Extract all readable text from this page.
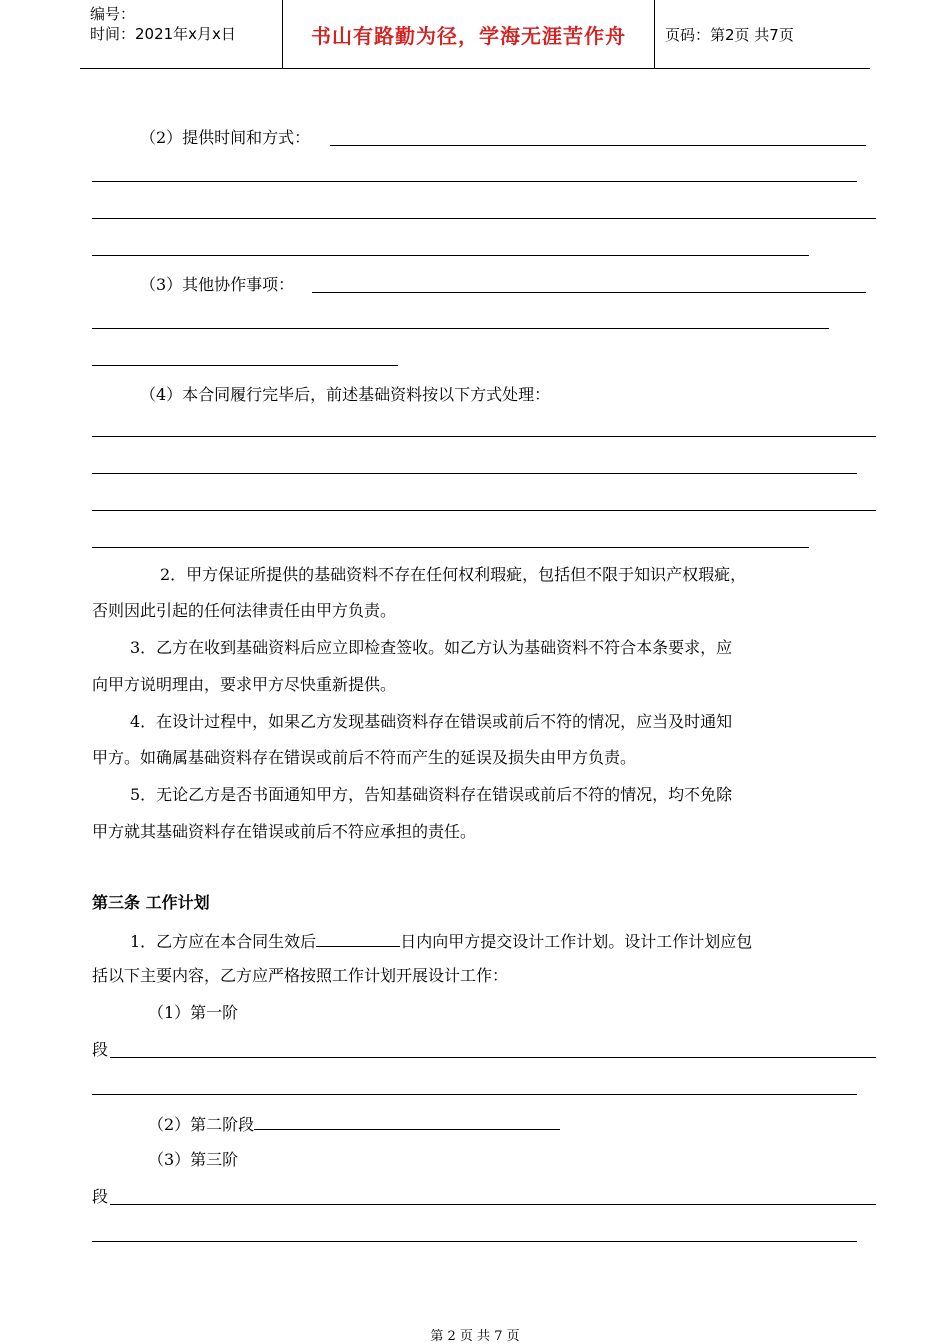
编号：
时间：2021年x月x日	书山有路勤为径，学海无涯苦作舟	页码：第2页 共7页
（2）提供时间和方式：
（3）其他协作事项：
（4）本合同履行完毕后，前述基础资料按以下方式处理：
2．甲方保证所提供的基础资料不存在任何权利瑕疵，包括但不限于知识产权瑕疵，
否则因此引起的任何法律责任由甲方负责。
3．乙方在收到基础资料后应立即检查签收。如乙方认为基础资料不符合本条要求，应
向甲方说明理由，要求甲方尽快重新提供。
4．在设计过程中，如果乙方发现基础资料存在错误或前后不符的情况，应当及时通知
甲方。如确属基础资料存在错误或前后不符而产生的延误及损失由甲方负责。
5．无论乙方是否书面通知甲方，告知基础资料存在错误或前后不符的情况，均不免除
甲方就其基础资料存在错误或前后不符应承担的责任。
第三条 工作计划
1．乙方应在本合同生效后	日内向甲方提交设计工作计划。设计工作计划应包
括以下主要内容，乙方应严格按照工作计划开展设计工作：
（1）第一阶
段
（2）第二阶段
（3）第三阶
段
第 2 页 共 7 页
